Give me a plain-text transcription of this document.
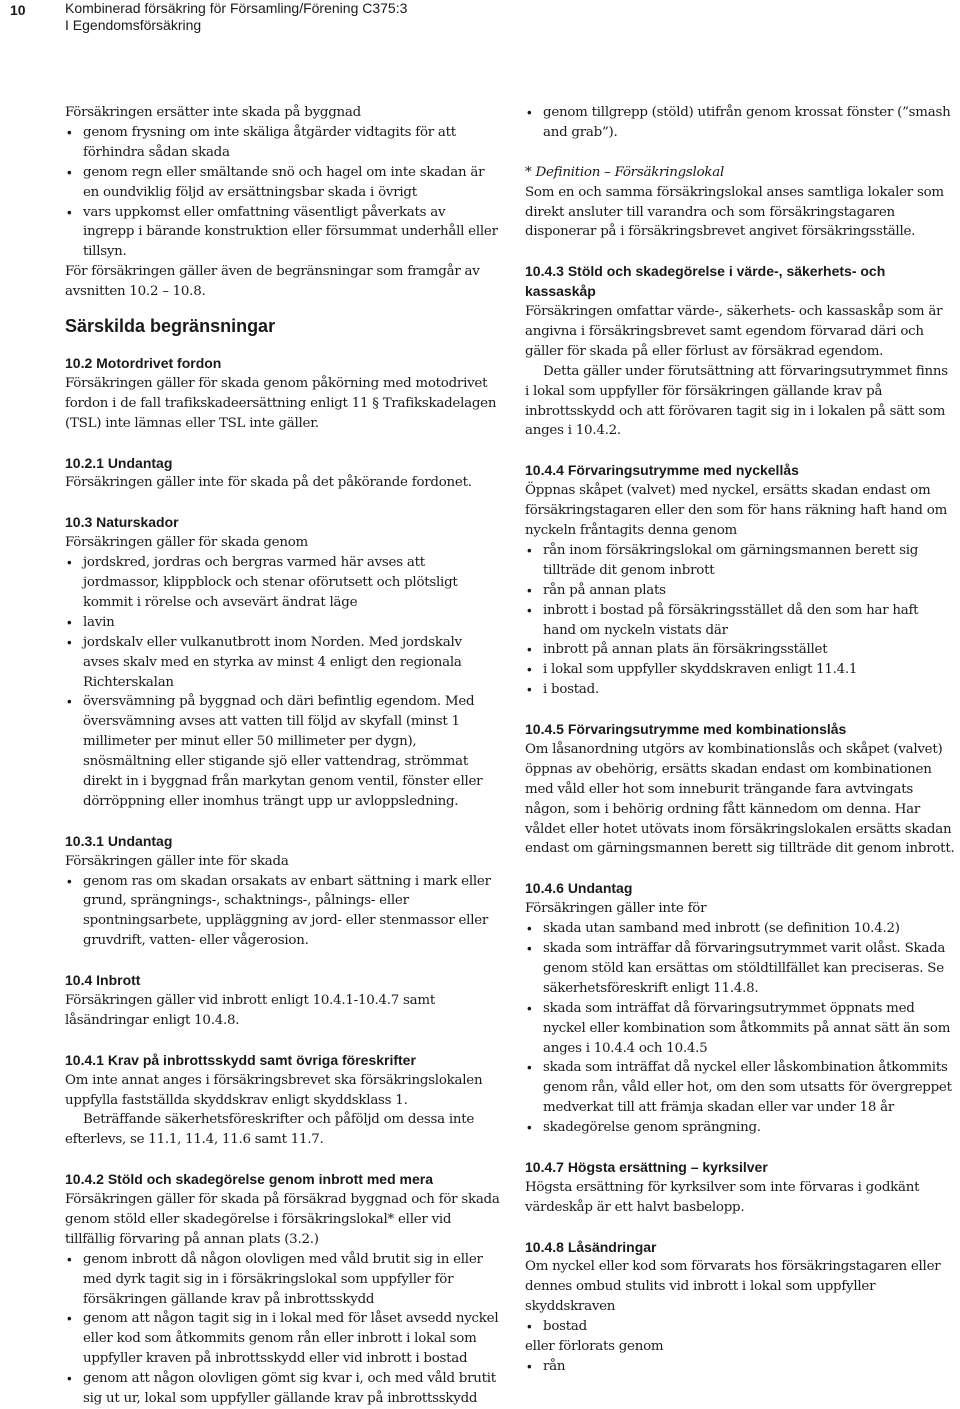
10	Kombinerad försäkring för Församling/Förening C375:3
I Egendomsförsäkring

Försäkringen ersätter inte skada på byggnad

• genom frysning om inte skäliga åtgärder vidtagits för att förhindra sådan skada
• genom regn eller smältande snö och hagel om inte skadan är en oundviklig följd av ersättningsbar skada i övrigt
• vars uppkomst eller omfattning väsentligt påverkats av ingrepp i bärande konstruktion eller försummat underhåll eller tillsyn.

För försäkringen gäller även de begränsningar som framgår av avsnitten 10.2 – 10.8.

Särskilda begränsningar

10.2 Motordrivet fordon

Försäkringen gäller för skada genom påkörning med motodrivet fordon i de fall trafikskadeersättning enligt 11 § Trafikskadelagen (TSL) inte lämnas eller TSL inte gäller.

10.2.1 Undantag

Försäkringen gäller inte för skada på det påkörande fordonet.

10.3 Naturskador

Försäkringen gäller för skada genom

• jordskred, jordras och bergras varmed här avses att jordmassor, klippblock och stenar oförutsett och plötsligt kommit i rörelse och avsevärt ändrat läge
• lavin
• jordskalv eller vulkanutbrott inom Norden. Med jordskalv avses skalv med en styrka av minst 4 enligt den regionala Richterskalan
• översvämning på byggnad och däri befintlig egendom. Med översvämning avses att vatten till följd av skyfall (minst 1 millimeter per minut eller 50 millimeter per dygn), snösmältning eller stigande sjö eller vattendrag, strömmat direkt in i byggnad från markytan genom ventil, fönster eller dörröppning eller inomhus trängt upp ur avloppsledning.

10.3.1 Undantag

Försäkringen gäller inte för skada

• genom ras om skadan orsakats av enbart sättning i mark eller grund, sprängnings-, schaktnings-, pålnings- eller spontningsarbete, uppläggning av jord- eller stenmassor eller gruvdrift, vatten- eller vågerosion.

10.4 Inbrott

Försäkringen gäller vid inbrott enligt 10.4.1-10.4.7 samt låsändringar enligt 10.4.8.

10.4.1 Krav på inbrottsskydd samt övriga föreskrifter

Om inte annat anges i försäkringsbrevet ska försäkringslokalen uppfylla fastställda skyddskrav enligt skyddsklass 1.

Beträffande säkerhetsföreskrifter och påföljd om dessa inte efterlevs, se 11.1, 11.4, 11.6 samt 11.7.

10.4.2 Stöld och skadegörelse genom inbrott med mera

Försäkringen gäller för skada på försäkrad byggnad och för skada genom stöld eller skadegörelse i försäkringslokal* eller vid tillfällig förvaring på annan plats (3.2.)

• genom inbrott då någon olovligen med våld brutit sig in eller med dyrk tagit sig in i försäkringslokal som uppfyller för försäkringen gällande krav på inbrottsskydd
• genom att någon tagit sig in i lokal med för låset avsedd nyckel eller kod som åtkommits genom rån eller inbrott i lokal som uppfyller kraven på inbrottsskydd eller vid inbrott i bostad
• genom att någon olovligen gömt sig kvar i, och med våld brutit sig ut ur, lokal som uppfyller gällande krav på inbrottsskydd
• genom tillgrepp (stöld) utifrån genom krossat fönster (”smash and grab”).

* Definition – Försäkringslokal

Som en och samma försäkringslokal anses samtliga lokaler som direkt ansluter till varandra och som försäkringstagaren disponerar på i försäkringsbrevet angivet försäkringsställe.

10.4.3 Stöld och skadegörelse i värde-, säkerhets- och kassaskåp

Försäkringen omfattar värde-, säkerhets- och kassaskåp som är angivna i försäkringsbrevet samt egendom förvarad däri och gäller för skada på eller förlust av försäkrad egendom.

Detta gäller under förutsättning att förvaringsutrymmet finns i lokal som uppfyller för försäkringen gällande krav på inbrottsskydd och att förövaren tagit sig in i lokalen på sätt som anges i 10.4.2.

10.4.4 Förvaringsutrymme med nyckellås

Öppnas skåpet (valvet) med nyckel, ersätts skadan endast om försäkringstagaren eller den som för hans räkning haft hand om nyckeln fråntagits denna genom

• rån inom försäkringslokal om gärningsmannen berett sig tillträde dit genom inbrott
• rån på annan plats
• inbrott i bostad på försäkringsstället då den som har haft hand om nyckeln vistats där
• inbrott på annan plats än försäkringsstället
• i lokal som uppfyller skyddskraven enligt 11.4.1
• i bostad.

10.4.5 Förvaringsutrymme med kombinationslås

Om låsanordning utgörs av kombinationslås och skåpet (valvet) öppnas av obehörig, ersätts skadan endast om kombinationen med våld eller hot som inneburit trängande fara avtvingats någon, som i behörig ordning fått kännedom om denna. Har våldet eller hotet utövats inom försäkringslokalen ersätts skadan endast om gärningsmannen berett sig tillträde dit genom inbrott.

10.4.6 Undantag

Försäkringen gäller inte för

• skada utan samband med inbrott (se definition 10.4.2)
• skada som inträffar då förvaringsutrymmet varit olåst. Skada genom stöld kan ersättas om stöldtillfället kan preciseras. Se säkerhetsföreskrift enligt 11.4.8.
• skada som inträffat då förvaringsutrymmet öppnats med nyckel eller kombination som åtkommits på annat sätt än som anges i 10.4.4 och 10.4.5
• skada som inträffat då nyckel eller låskombination åtkommits genom rån, våld eller hot, om den som utsatts för övergreppet medverkat till att främja skadan eller var under 18 år
• skadegörelse genom sprängning.

10.4.7 Högsta ersättning – kyrksilver

Högsta ersättning för kyrksilver som inte förvaras i godkänt värdeskåp är ett halvt basbelopp.

10.4.8 Låsändringar

Om nyckel eller kod som förvarats hos försäkringstagaren eller dennes ombud stulits vid inbrott i lokal som uppfyller skyddskraven

• bostad

eller förlorats genom

• rån
